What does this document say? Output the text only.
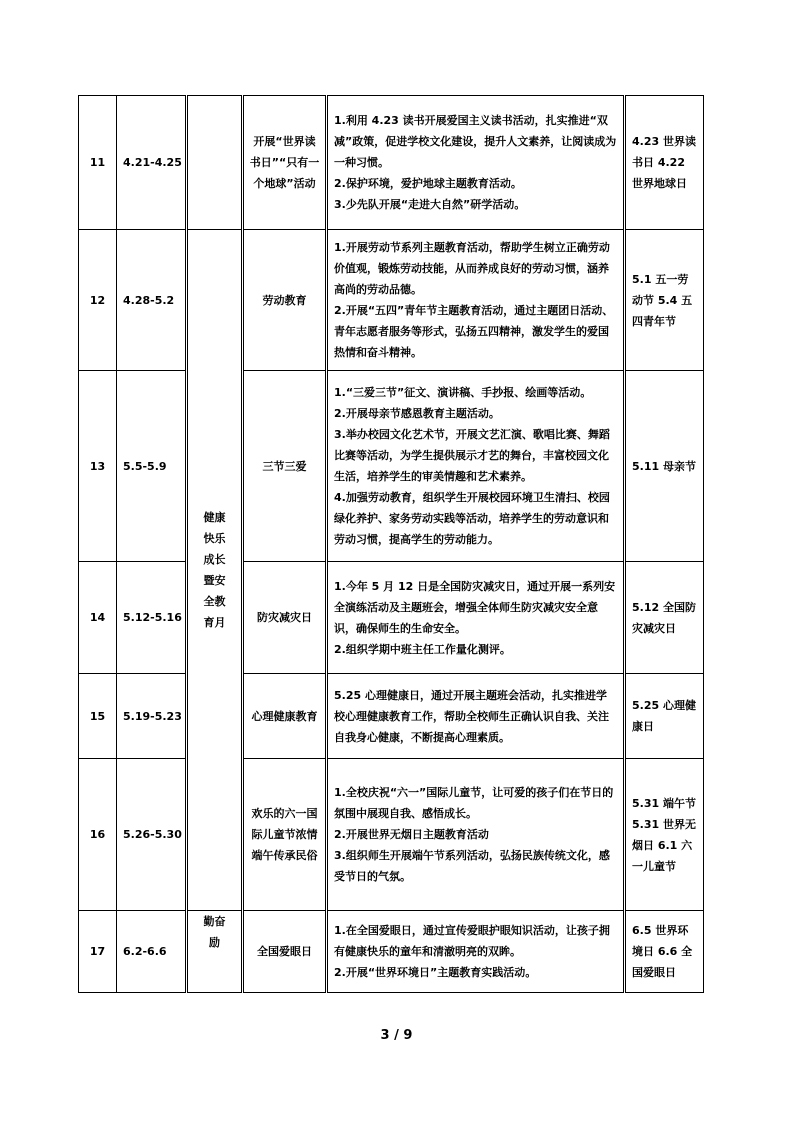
11	4.21-4.25		开展“世界读书日”“只有一个地球”活动	1.利用 4.23 读书开展爱国主义读书活动，扎实推进“双减”政策，促进学校文化建设，提升人文素养，让阅读成为一种习惯。
2.保护环境，爱护地球主题教育活动。
3.少先队开展“走进大自然”研学活动。	4.23 世界读书日 4.22 世界地球日
12	4.28-5.2	健康快乐成长暨安全教育月	劳动教育	1.开展劳动节系列主题教育活动，帮助学生树立正确劳动价值观，锻炼劳动技能，从而养成良好的劳动习惯，涵养高尚的劳动品德。
2.开展“五四”青年节主题教育活动，通过主题团日活动、青年志愿者服务等形式，弘扬五四精神，激发学生的爱国热情和奋斗精神。	5.1 五一劳动节 5.4 五四青年节
13	5.5-5.9		三节三爱	1.“三爱三节”征文、演讲稿、手抄报、绘画等活动。
2.开展母亲节感恩教育主题活动。
3.举办校园文化艺术节，开展文艺汇演、歌唱比赛、舞蹈比赛等活动，为学生提供展示才艺的舞台，丰富校园文化生活，培养学生的审美情趣和艺术素养。
4.加强劳动教育，组织学生开展校园环境卫生清扫、校园绿化养护、家务劳动实践等活动，培养学生的劳动意识和劳动习惯，提高学生的劳动能力。	5.11 母亲节
14	5.12-5.16		防灾减灾日	1.今年 5 月 12 日是全国防灾减灾日，通过开展一系列安全演练活动及主题班会，增强全体师生防灾减灾安全意识，确保师生的生命安全。
2.组织学期中班主任工作量化测评。	5.12 全国防灾减灾日
15	5.19-5.23		心理健康教育	5.25 心理健康日，通过开展主题班会活动，扎实推进学校心理健康教育工作，帮助全校师生正确认识自我、关注自我身心健康，不断提高心理素质。	5.25 心理健康日
16	5.26-5.30		欢乐的六一国际儿童节浓情端午传承民俗	1.全校庆祝“六一”国际儿童节，让可爱的孩子们在节日的氛围中展现自我、感悟成长。
2.开展世界无烟日主题教育活动
3.组织师生开展端午节系列活动，弘扬民族传统文化，感受节日的气氛。	5.31 端午节 5.31 世界无烟日 6.1 六一儿童节
17	6.2-6.6	勤奋励	全国爱眼日	1.在全国爱眼日，通过宣传爱眼护眼知识活动，让孩子拥有健康快乐的童年和清澈明亮的双眸。
2.开展“世界环境日”主题教育实践活动。	6.5 世界环境日 6.6 全国爱眼日
3 / 9
